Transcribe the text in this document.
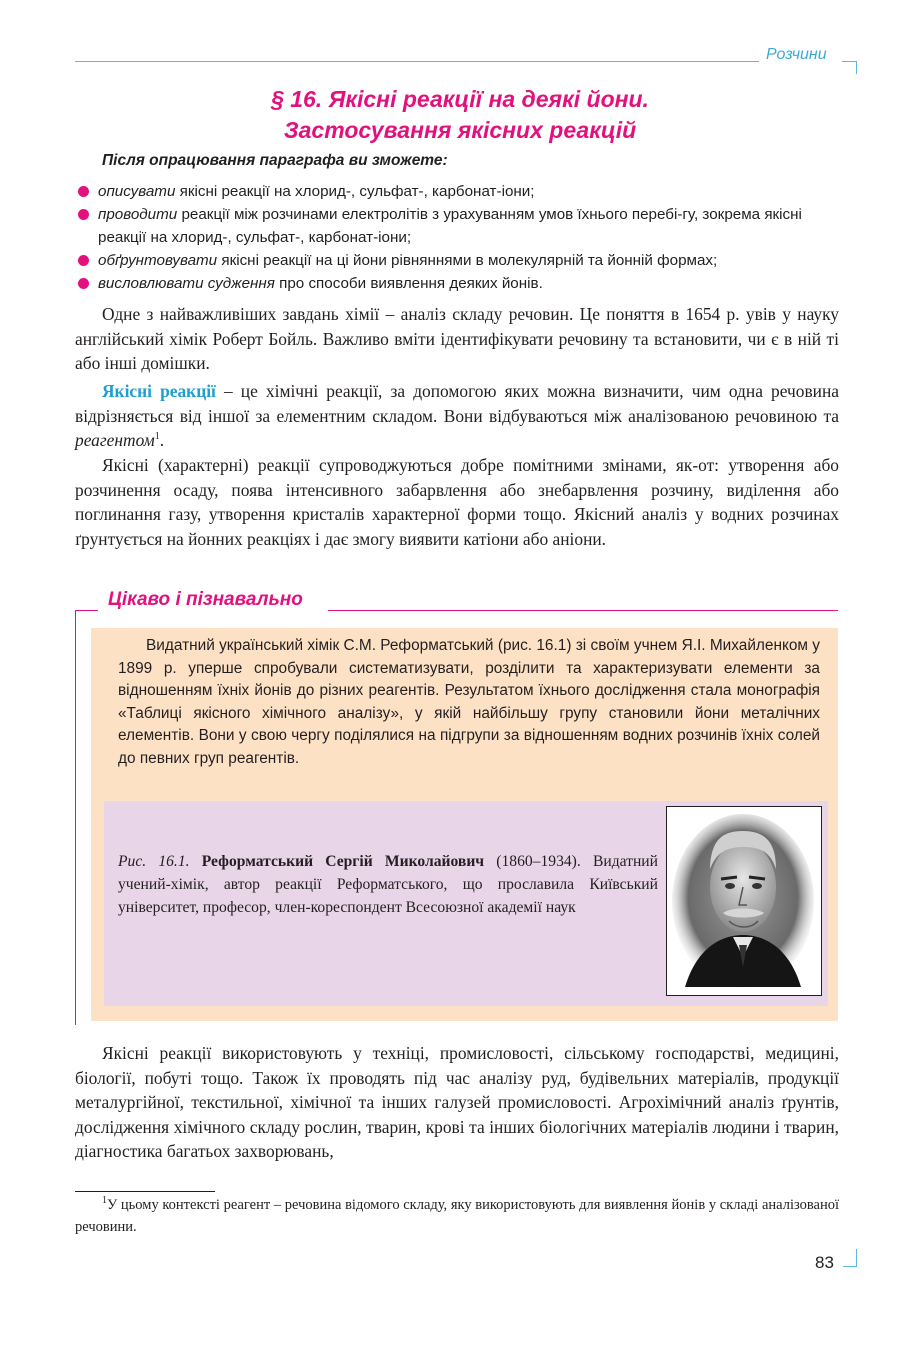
Розчини
§ 16. Якісні реакції на деякі йони.
Застосування якісних реакцій
Після опрацювання параграфа ви зможете:
описувати якісні реакції на хлорид-, сульфат-, карбонат-іони;
проводити реакції між розчинами електролітів з урахуванням умов їхнього перебі-гу, зокрема якісні реакції на хлорид-, сульфат-, карбонат-іони;
обґрунтовувати якісні реакції на ці йони рівняннями в молекулярній та йонній формах;
висловлювати судження про способи виявлення деяких йонів.

Одне з найважливіших завдань хімії – аналіз складу речовин. Це поняття в 1654 р. увів у науку англійський хімік Роберт Бойль. Важливо вміти ідентифікувати речовину та встановити, чи є в ній ті або інші домішки.

Якісні реакції – це хімічні реакції, за допомогою яких можна визначити, чим одна речовина відрізняється від іншої за елементним складом. Вони відбуваються між аналізованою речовиною та реагентом$^1$.

Якісні (характерні) реакції супроводжуються добре помітними змінами, як-от: утворення або розчинення осаду, поява інтенсивного забарвлення або знебарвлення розчину, виділення або поглинання газу, утворення кристалів характерної форми тощо. Якісний аналіз у водних розчинах ґрунтується на йонних реакціях і дає змогу виявити катіони або аніони.

Цікаво і пізнавально

Видатний український хімік С.М. Реформатський (рис. 16.1) зі своїм учнем Я.І. Михайленком у 1899 р. уперше спробували систематизувати, розділити та характеризувати елементи за відношенням їхніх йонів до різних реагентів. Результатом їхнього дослідження стала монографія «Таблиці якісного хімічного аналізу», у якій найбільшу групу становили йони металічних елементів. Вони у свою чергу поділялися на підгрупи за відношенням водних розчинів їхніх солей до певних груп реагентів.

Рис. 16.1. Реформатський Сергій Миколайович (1860–1934). Видатний учений-хімік, автор реакції Реформатського, що прославила Київський університет, професор, член-кореспондент Всесоюзної академії наук

Якісні реакції використовують у техніці, промисловості, сільському господарстві, медицині, біології, побуті тощо. Також їх проводять під час аналізу руд, будівельних матеріалів, продукції металургійної, текстильної, хімічної та інших галузей промисловості. Агрохімічний аналіз ґрунтів, дослідження хімічного складу рослин, тварин, крові та інших біологічних матеріалів людини і тварин, діагностика багатьох захворювань,

$^1$У цьому контексті реагент – речовина відомого складу, яку використовують для виявлення йонів у складі аналізованої речовини.

83
